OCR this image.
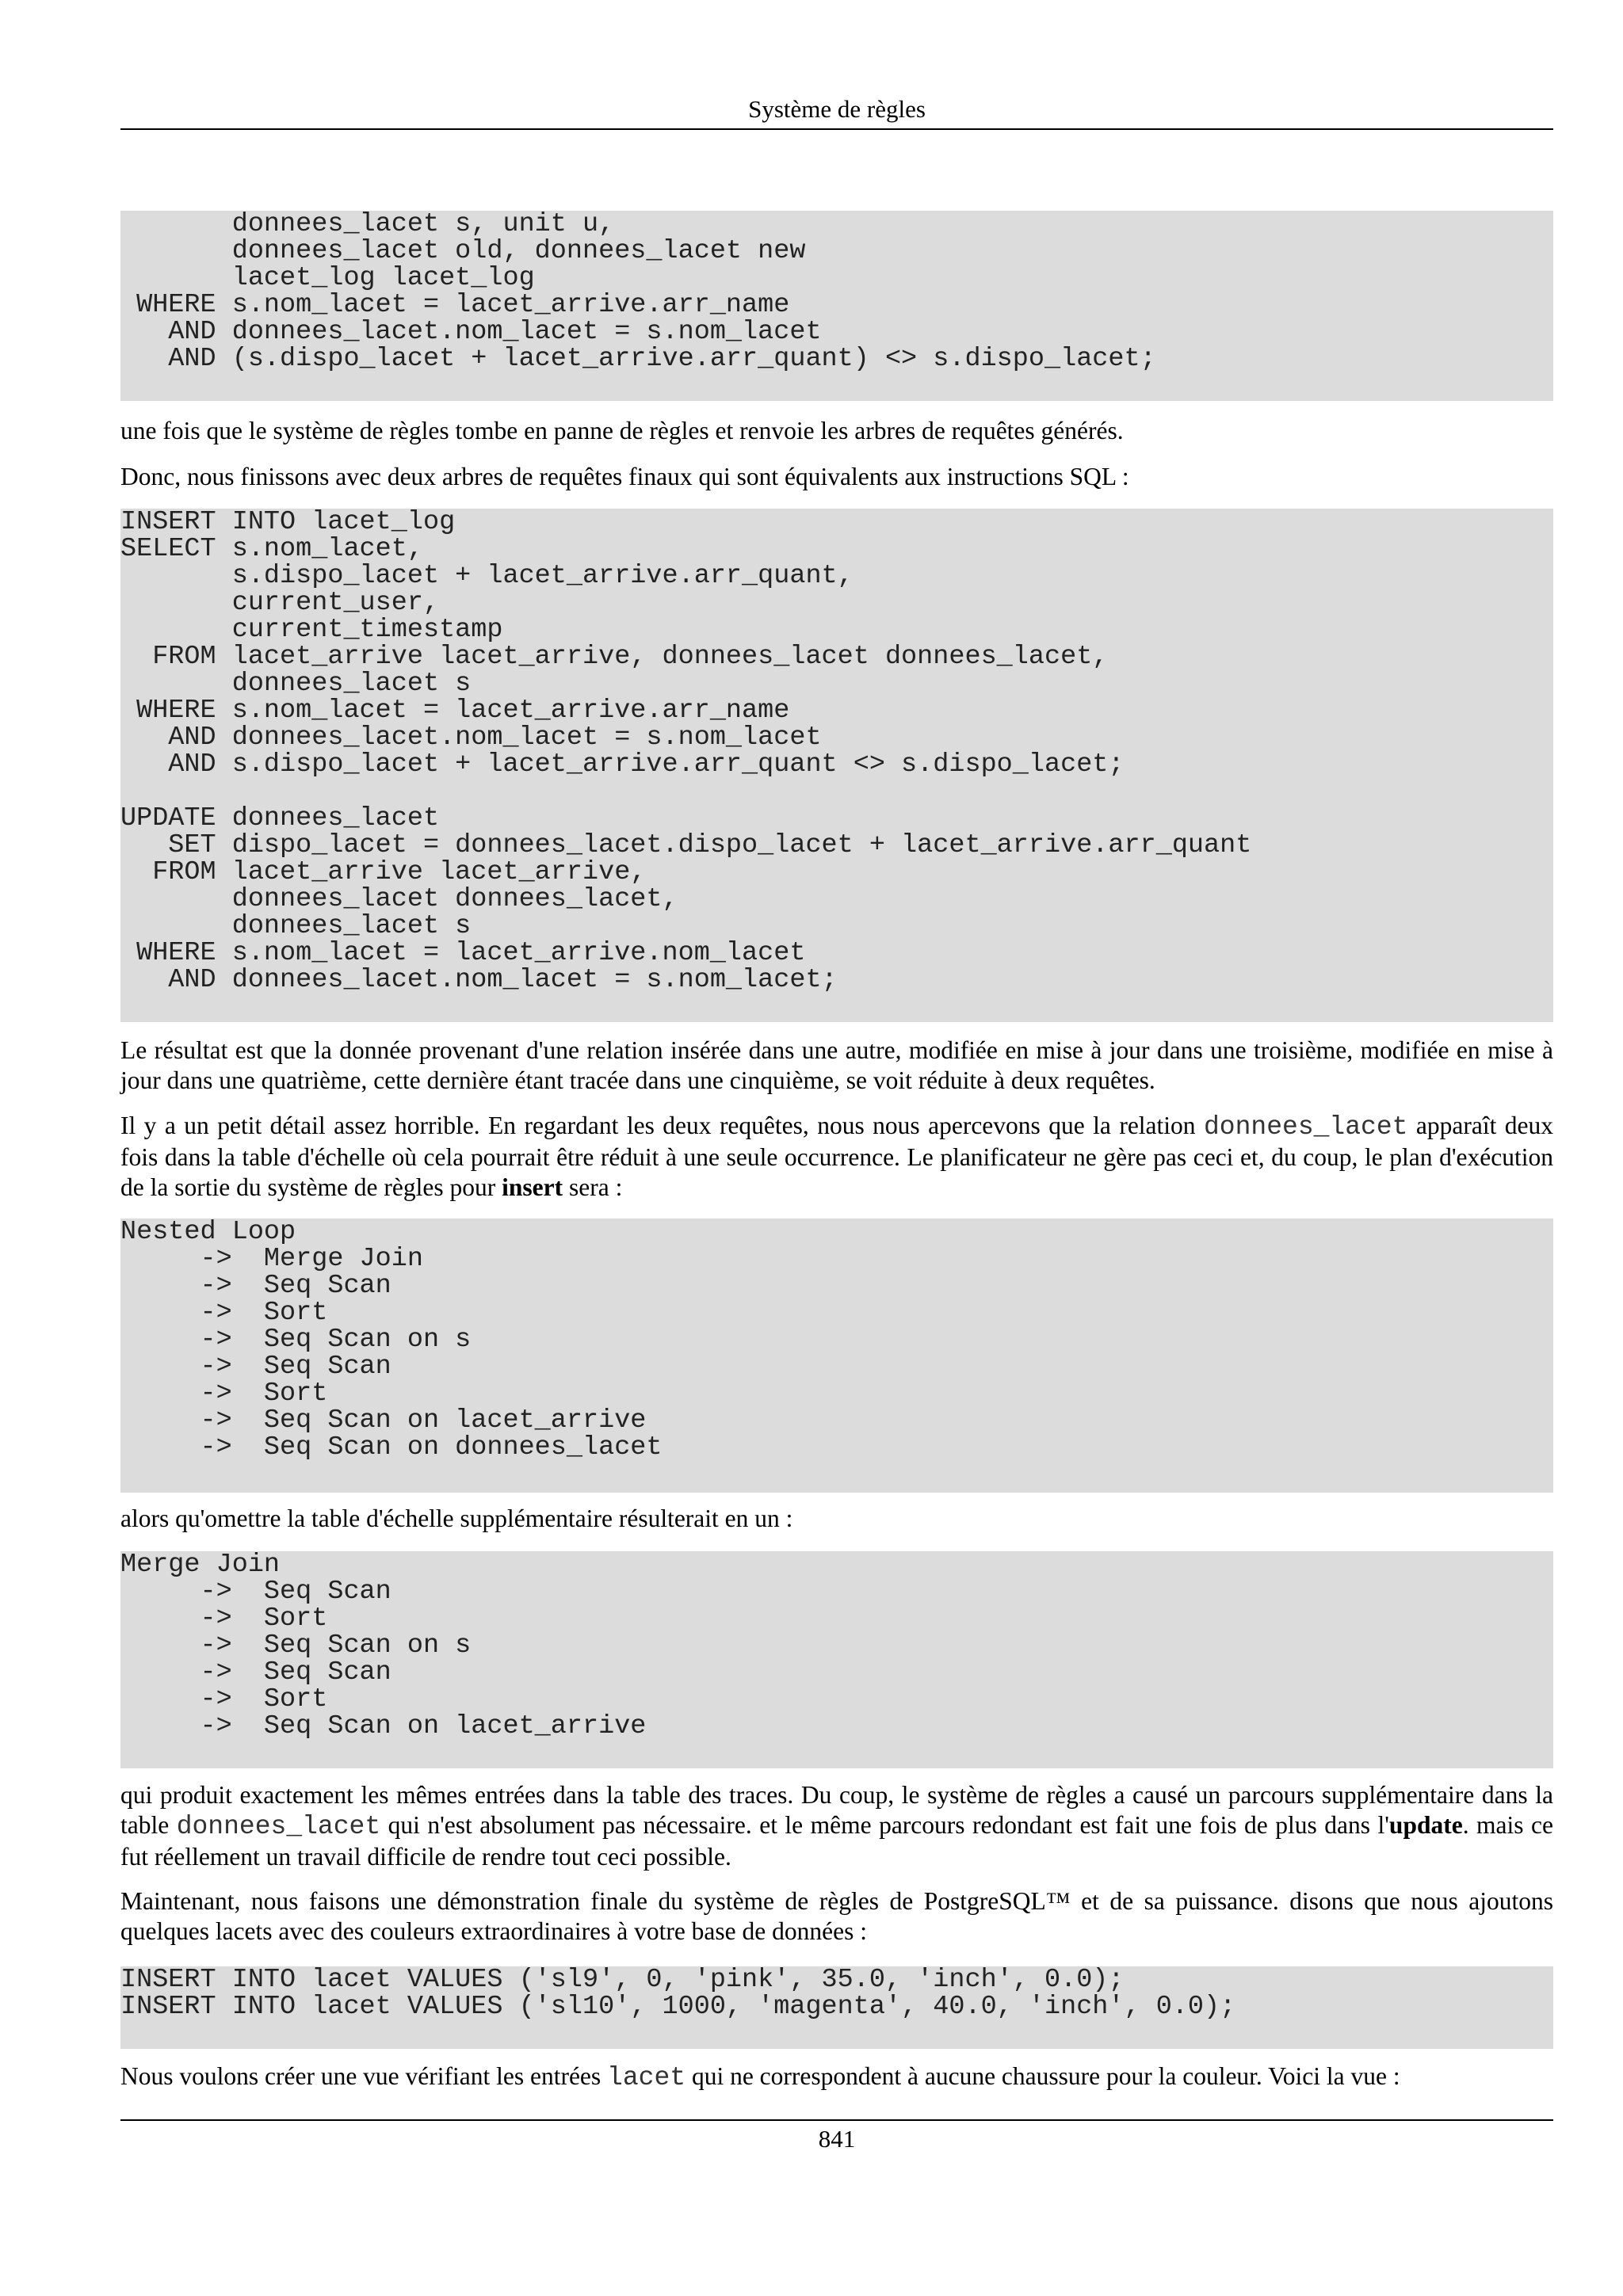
Système de règles
donnees_lacet s, unit u,
donnees_lacet old, donnees_lacet new
lacet_log lacet_log
WHERE s.nom_lacet = lacet_arrive.arr_name
AND donnees_lacet.nom_lacet = s.nom_lacet
AND (s.dispo_lacet + lacet_arrive.arr_quant) <> s.dispo_lacet;

une fois que le système de règles tombe en panne de règles et renvoie les arbres de requêtes générés.

Donc, nous finissons avec deux arbres de requêtes finaux qui sont équivalents aux instructions SQL :

INSERT INTO lacet_log
SELECT s.nom_lacet,
s.dispo_lacet + lacet_arrive.arr_quant,
current_user,
current_timestamp
FROM lacet_arrive lacet_arrive, donnees_lacet donnees_lacet,
donnees_lacet s
WHERE s.nom_lacet = lacet_arrive.arr_name
AND donnees_lacet.nom_lacet = s.nom_lacet
AND s.dispo_lacet + lacet_arrive.arr_quant <> s.dispo_lacet;
UPDATE donnees_lacet
SET dispo_lacet = donnees_lacet.dispo_lacet + lacet_arrive.arr_quant
FROM lacet_arrive lacet_arrive,
donnees_lacet donnees_lacet,
donnees_lacet s
WHERE s.nom_lacet = lacet_arrive.nom_lacet
AND donnees_lacet.nom_lacet = s.nom_lacet;

Le résultat est que la donnée provenant d'une relation insérée dans une autre, modifiée en mise à jour dans une troisième, modifiée en mise à jour dans une quatrième, cette dernière étant tracée dans une cinquième, se voit réduite à deux requêtes.

Il y a un petit détail assez horrible. En regardant les deux requêtes, nous nous apercevons que la relation donnees_lacet apparaît deux fois dans la table d'échelle où cela pourrait être réduit à une seule occurrence. Le planificateur ne gère pas ceci et, du coup, le plan d'exécution de la sortie du système de règles pour insert sera :

Nested Loop
->  Merge Join
->  Seq Scan
->  Sort
->  Seq Scan on s
->  Seq Scan
->  Sort
->  Seq Scan on lacet_arrive
->  Seq Scan on donnees_lacet

alors qu'omettre la table d'échelle supplémentaire résulterait en un :

Merge Join
->  Seq Scan
->  Sort
->  Seq Scan on s
->  Seq Scan
->  Sort
->  Seq Scan on lacet_arrive

qui produit exactement les mêmes entrées dans la table des traces. Du coup, le système de règles a causé un parcours supplémentaire dans la table donnees_lacet qui n'est absolument pas nécessaire. et le même parcours redondant est fait une fois de plus dans l'update. mais ce fut réellement un travail difficile de rendre tout ceci possible.

Maintenant, nous faisons une démonstration finale du système de règles de PostgreSQL™ et de sa puissance. disons que nous ajoutons quelques lacets avec des couleurs extraordinaires à votre base de données :

INSERT INTO lacet VALUES ('sl9', 0, 'pink', 35.0, 'inch', 0.0);
INSERT INTO lacet VALUES ('sl10', 1000, 'magenta', 40.0, 'inch', 0.0);

Nous voulons créer une vue vérifiant les entrées lacet qui ne correspondent à aucune chaussure pour la couleur. Voici la vue :

841
